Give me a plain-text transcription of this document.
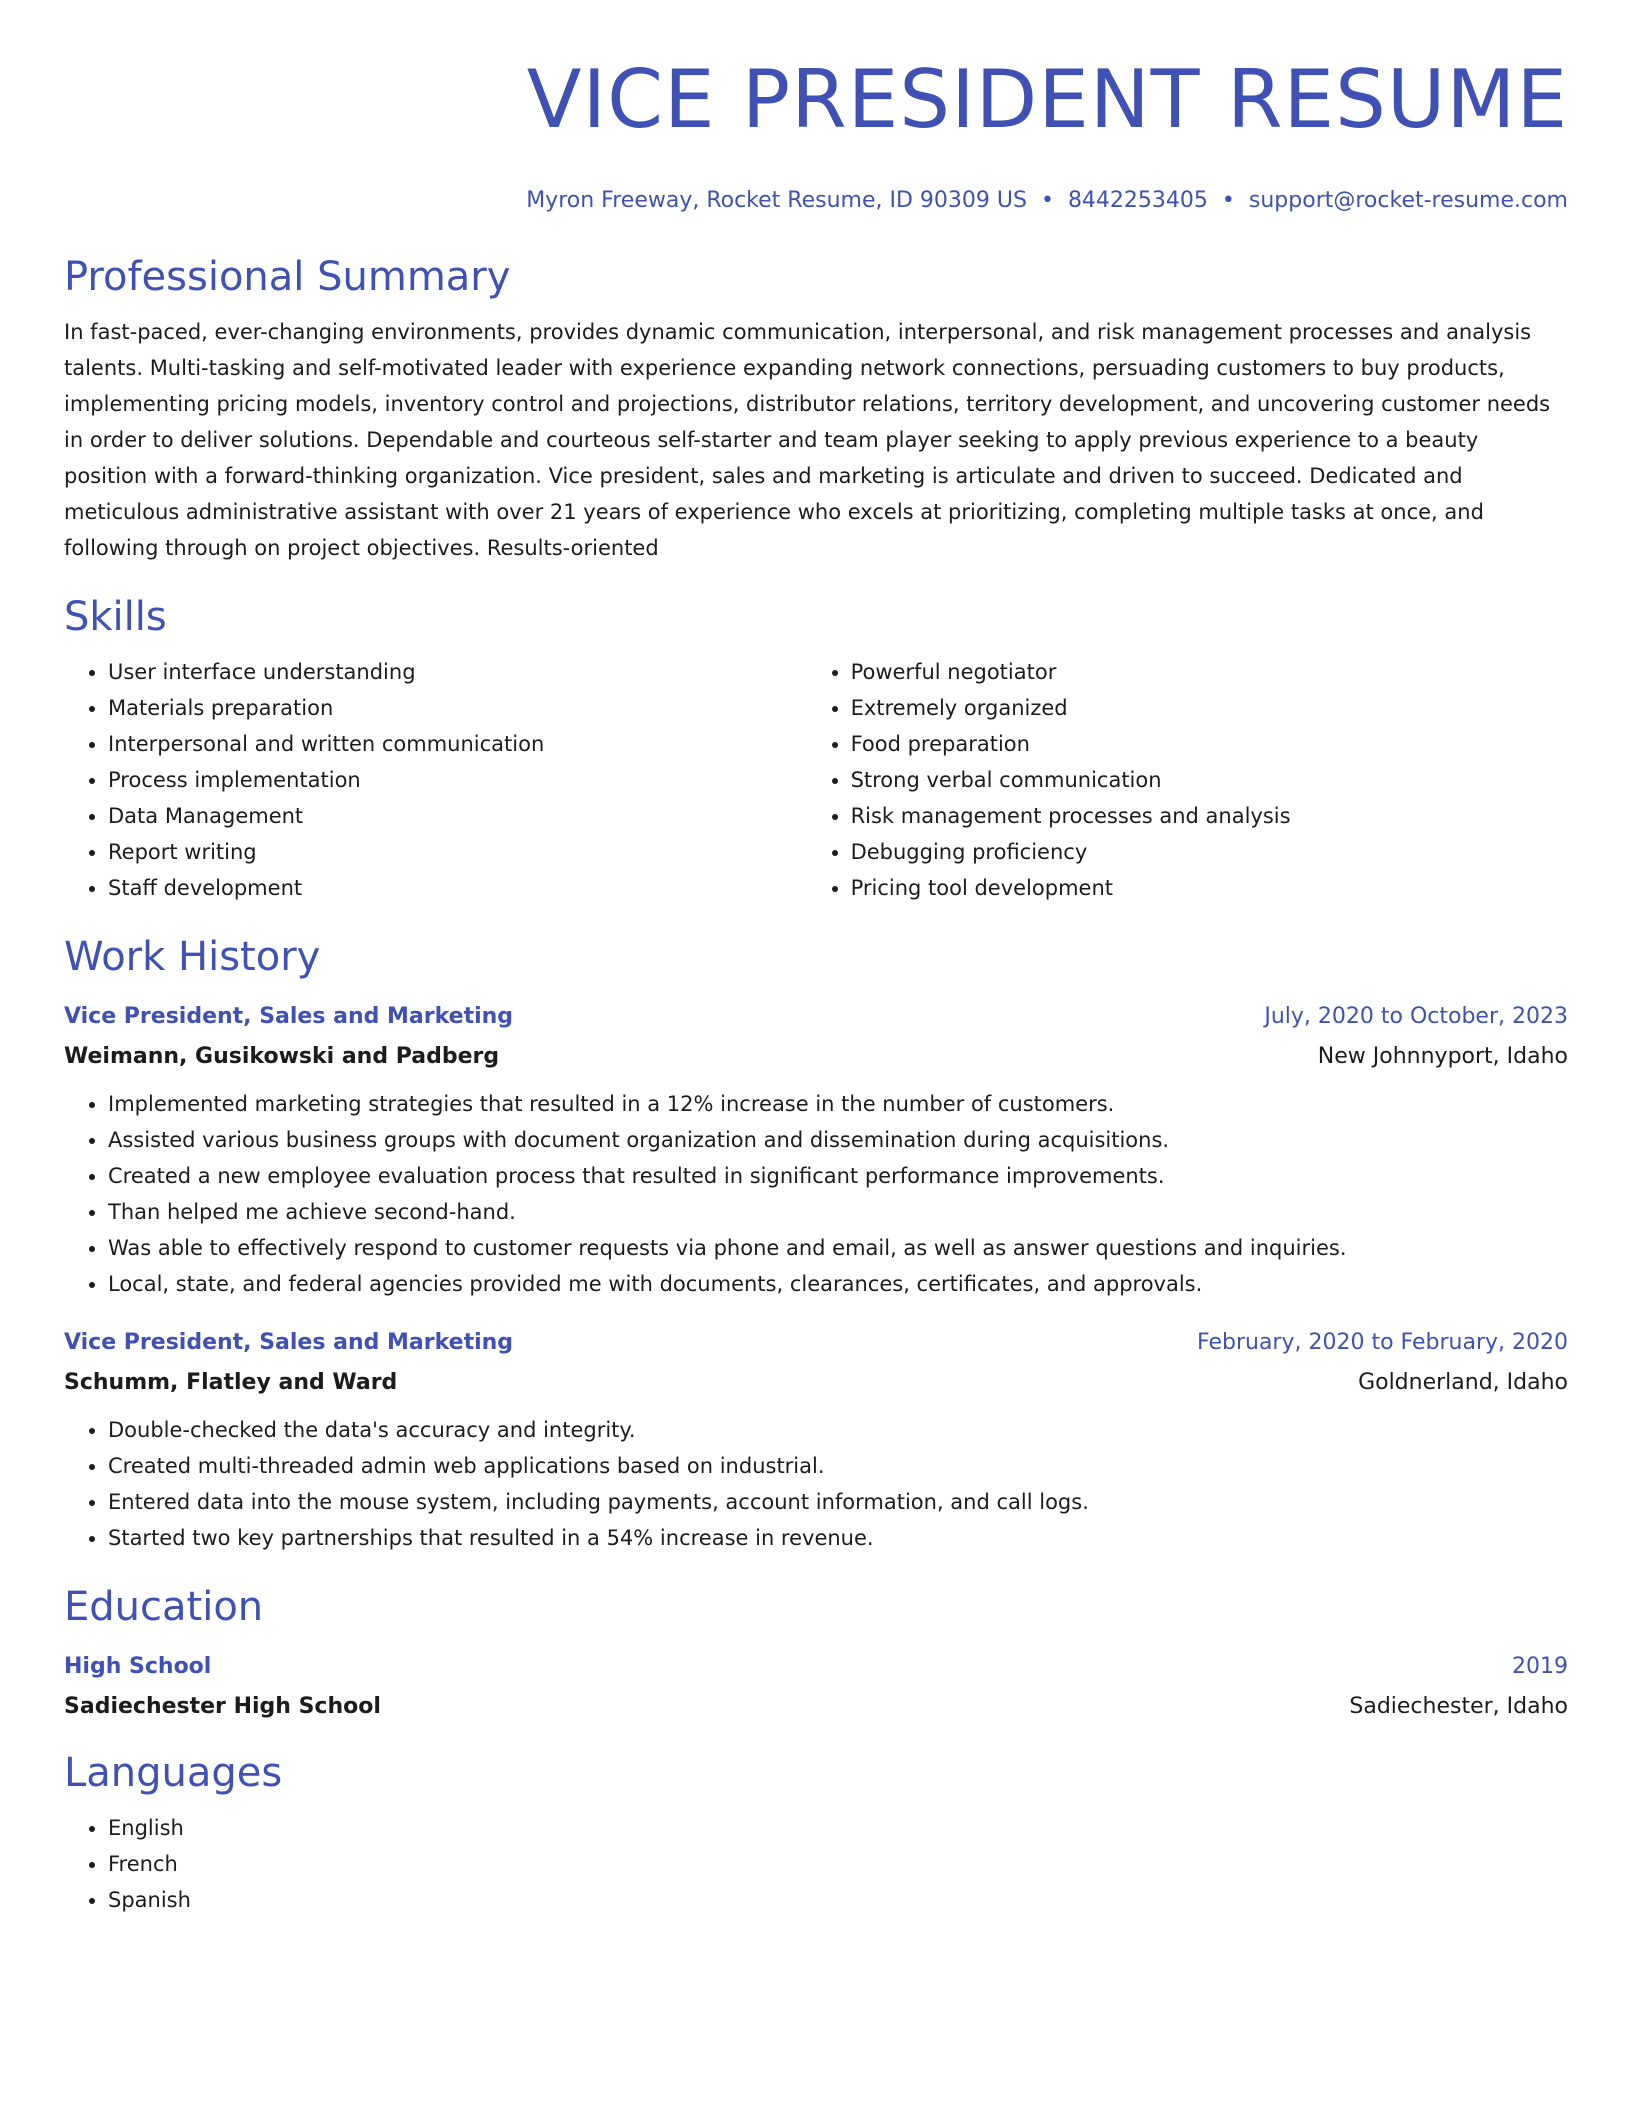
VICE PRESIDENT RESUME
Myron Freeway, Rocket Resume, ID 90309 US • 8442253405 • support@rocket-resume.com
Professional Summary
In fast-paced, ever-changing environments, provides dynamic communication, interpersonal, and risk management processes and analysis talents. Multi-tasking and self-motivated leader with experience expanding network connections, persuading customers to buy products, implementing pricing models, inventory control and projections, distributor relations, territory development, and uncovering customer needs in order to deliver solutions. Dependable and courteous self-starter and team player seeking to apply previous experience to a beauty position with a forward-thinking organization. Vice president, sales and marketing is articulate and driven to succeed. Dedicated and meticulous administrative assistant with over 21 years of experience who excels at prioritizing, completing multiple tasks at once, and following through on project objectives. Results-oriented
Skills
• User interface understanding
• Materials preparation
• Interpersonal and written communication
• Process implementation
• Data Management
• Report writing
• Staff development
• Powerful negotiator
• Extremely organized
• Food preparation
• Strong verbal communication
• Risk management processes and analysis
• Debugging proficiency
• Pricing tool development
Work History
Vice President, Sales and Marketing	July, 2020 to October, 2023
Weimann, Gusikowski and Padberg	New Johnnyport, Idaho
• Implemented marketing strategies that resulted in a 12% increase in the number of customers.
• Assisted various business groups with document organization and dissemination during acquisitions.
• Created a new employee evaluation process that resulted in significant performance improvements.
• Than helped me achieve second-hand.
• Was able to effectively respond to customer requests via phone and email, as well as answer questions and inquiries.
• Local, state, and federal agencies provided me with documents, clearances, certificates, and approvals.
Vice President, Sales and Marketing	February, 2020 to February, 2020
Schumm, Flatley and Ward	Goldnerland, Idaho
• Double-checked the data's accuracy and integrity.
• Created multi-threaded admin web applications based on industrial.
• Entered data into the mouse system, including payments, account information, and call logs.
• Started two key partnerships that resulted in a 54% increase in revenue.
Education
High School	2019
Sadiechester High School	Sadiechester, Idaho
Languages
• English
• French
• Spanish
